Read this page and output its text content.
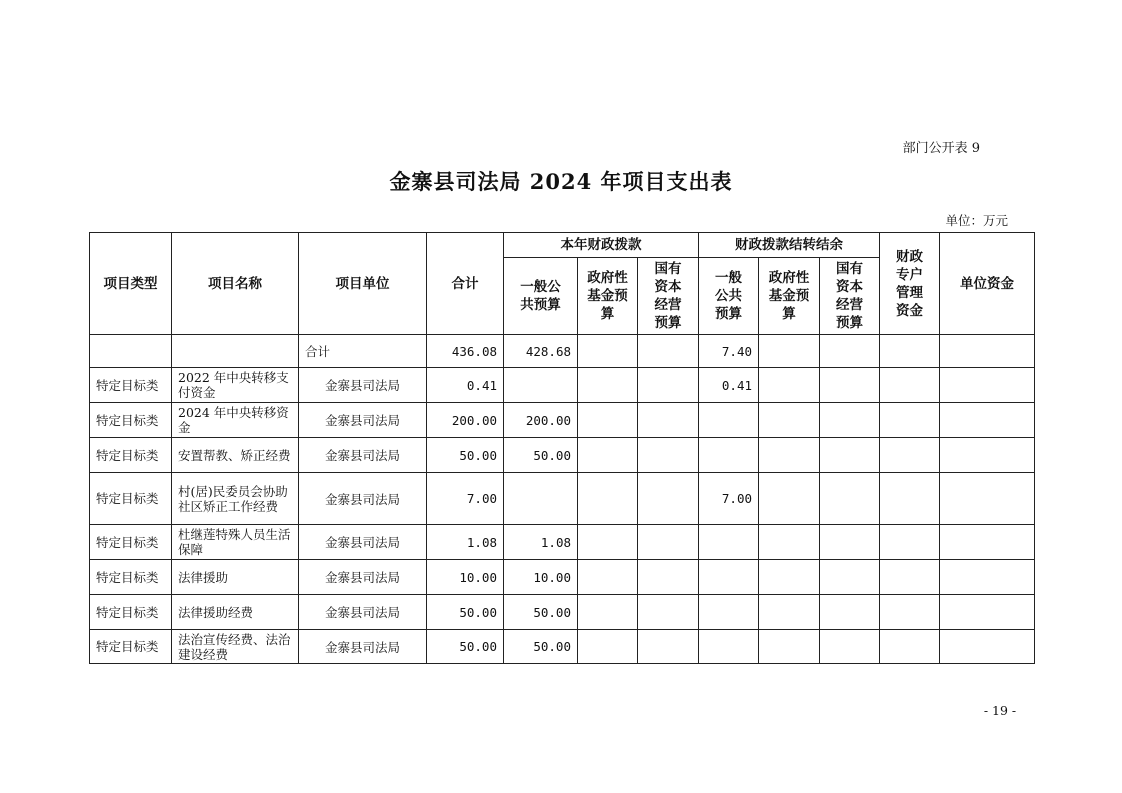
部门公开表 9
金寨县司法局 2024 年项目支出表
单位：万元
项目类型	项目名称	项目单位	合计	本年财政拨款			财政拨款结转结余			财政专户管理资金	单位资金

				一般公共预算	政府性基金预算	国有资本经营预算	一般公共预算	政府性基金预算	国有资本经营预算		

		合计	436.08	428.68			7.40				
特定目标类	2022 年中央转移支付资金	金寨县司法局	0.41				0.41				
特定目标类	2024 年中央转移资金	金寨县司法局	200.00	200.00							
特定目标类	安置帮教、矫正经费	金寨县司法局	50.00	50.00							
特定目标类	村(居)民委员会协助社区矫正工作经费	金寨县司法局	7.00				7.00				
特定目标类	杜继莲特殊人员生活保障	金寨县司法局	1.08	1.08							
特定目标类	法律援助	金寨县司法局	10.00	10.00							
特定目标类	法律援助经费	金寨县司法局	50.00	50.00							
特定目标类	法治宣传经费、法治建设经费	金寨县司法局	50.00	50.00							
- 19 -
